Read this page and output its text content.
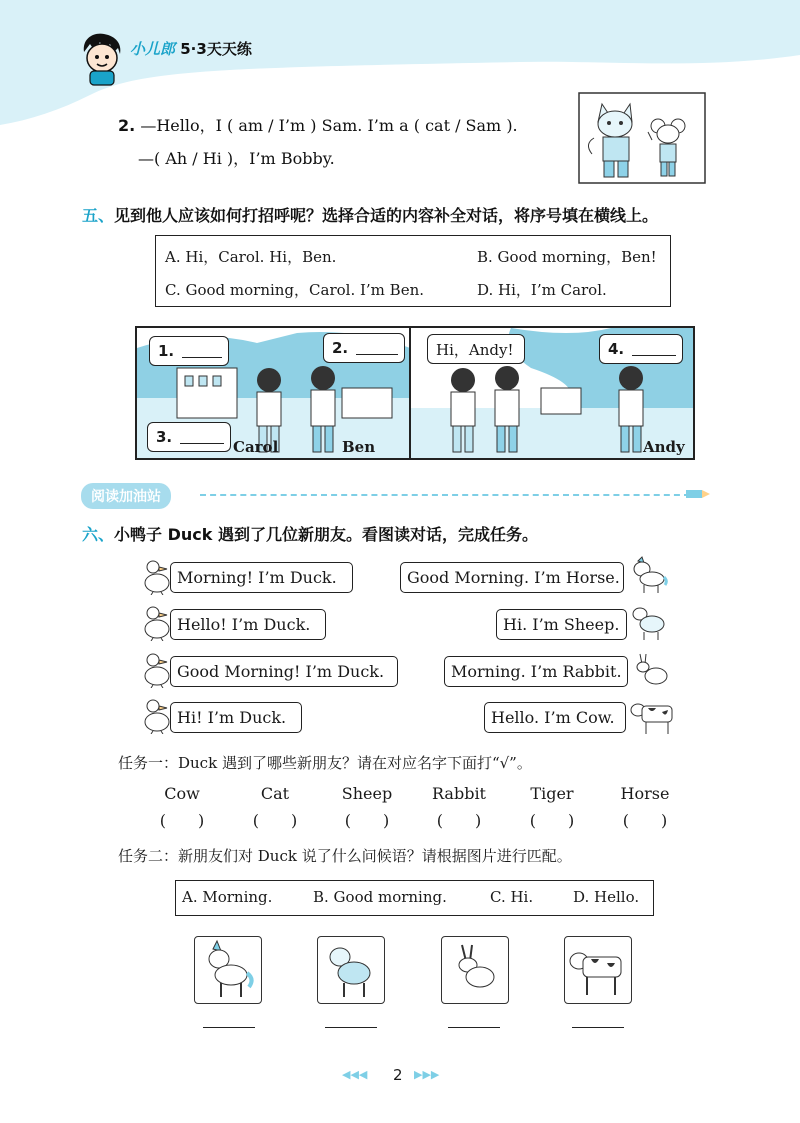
小儿郎 5·3天天练
2. —Hello，I ( am / I’m ) Sam. I’m a ( cat / Sam ).
—( Ah / Hi )，I’m Bobby.
五、见到他人应该如何打招呼呢？选择合适的内容补全对话，将序号填在横线上。
A. Hi，Carol. Hi，Ben.	B. Good morning，Ben!
C. Good morning，Carol. I’m Ben.	D. Hi，I’m Carol.
1.	2.
3.
Carol	Ben
Hi，Andy!	4.
Andy
阅读加油站
六、小鸭子 Duck 遇到了几位新朋友。看图读对话，完成任务。
Morning! I’m Duck.
Hello! I’m Duck.
Good Morning! I’m Duck.
Hi! I’m Duck.
Good Morning. I’m Horse.
Hi. I’m Sheep.
Morning. I’m Rabbit.
Hello. I’m Cow.
任务一：Duck 遇到了哪些新朋友？请在对应名字下面打“√”。
Cow	Cat	Sheep	Rabbit	Tiger	Horse
(　　)	(　　)	(　　)	(　　)	(　　)	(　　)
任务二：新朋友们对 Duck 说了什么问候语？请根据图片进行匹配。
A. Morning.	B. Good morning.	C. Hi.	D. Hello.
◀◀◀ 2 ▶▶▶
